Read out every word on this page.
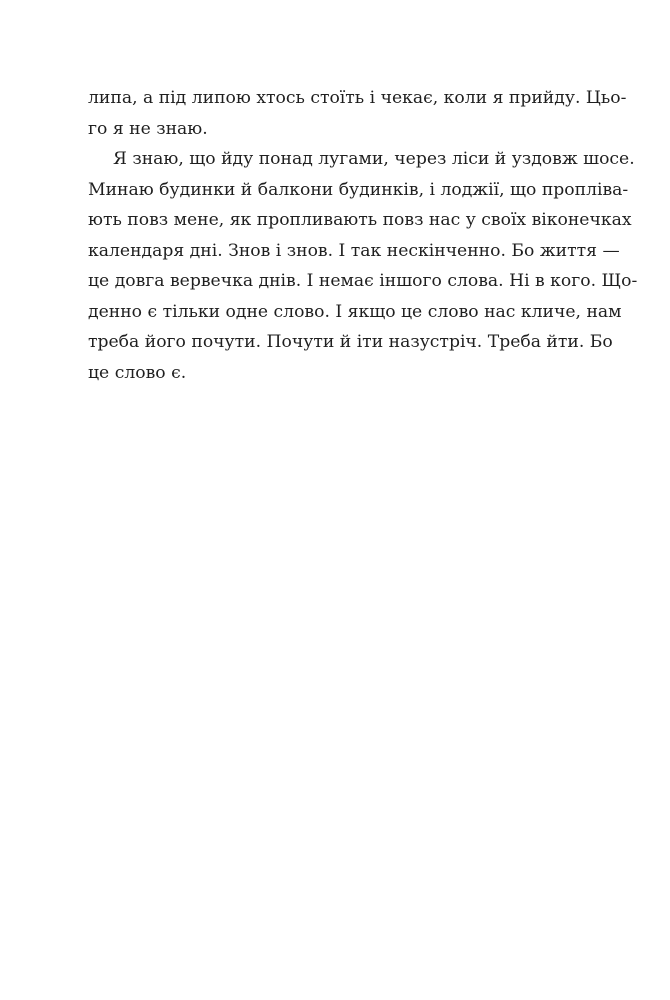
липа, а під липою хтось стоїть і чекає, коли я прийду. Цьо-
го я не знаю.
Я знаю, що йду понад лугами, через ліси й уздовж шосе.
Минаю будинки й балкони будинків, і лоджії, що пропліва-
ють повз мене, як пропливають повз нас у своїх віконечках
календаря дні. Знов і знов. І так нескінченно. Бо життя —
це довга вервечка днів. І немає іншого слова. Ні в кого. Що-
денно є тільки одне слово. І якщо це слово нас кличе, нам
треба його почути. Почути й іти назустріч. Треба йти. Бо
це слово є.
